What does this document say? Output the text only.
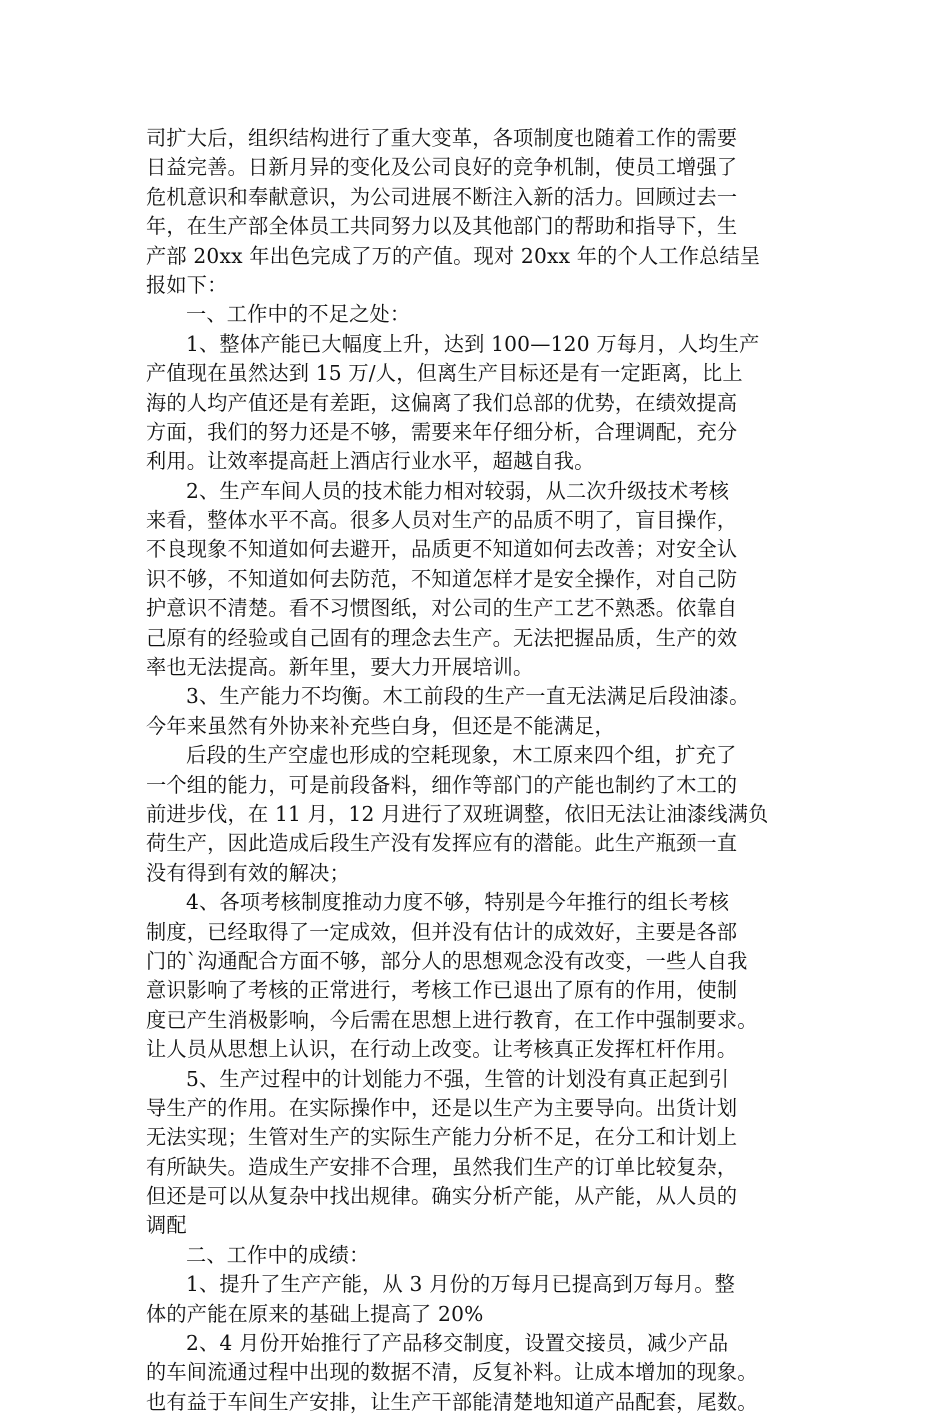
司扩大后，组织结构进行了重大变革，各项制度也随着工作的需要
日益完善。日新月异的变化及公司良好的竞争机制，使员工增强了
危机意识和奉献意识，为公司进展不断注入新的活力。回顾过去一
年，在生产部全体员工共同努力以及其他部门的帮助和指导下，生
产部 20xx 年出色完成了万的产值。现对 20xx 年的个人工作总结呈
报如下：
一、工作中的不足之处：
1、整体产能已大幅度上升，达到 100—120 万每月，人均生产
产值现在虽然达到 15 万/人，但离生产目标还是有一定距离，比上
海的人均产值还是有差距，这偏离了我们总部的优势，在绩效提高
方面，我们的努力还是不够，需要来年仔细分析，合理调配，充分
利用。让效率提高赶上酒店行业水平，超越自我。
2、生产车间人员的技术能力相对较弱，从二次升级技术考核
来看，整体水平不高。很多人员对生产的品质不明了，盲目操作，
不良现象不知道如何去避开，品质更不知道如何去改善；对安全认
识不够，不知道如何去防范，不知道怎样才是安全操作，对自己防
护意识不清楚。看不习惯图纸，对公司的生产工艺不熟悉。依靠自
己原有的经验或自己固有的理念去生产。无法把握品质，生产的效
率也无法提高。新年里，要大力开展培训。
3、生产能力不均衡。木工前段的生产一直无法满足后段油漆。
今年来虽然有外协来补充些白身，但还是不能满足，
后段的生产空虚也形成的空耗现象，木工原来四个组，扩充了
一个组的能力，可是前段备料，细作等部门的产能也制约了木工的
前进步伐，在 11 月，12 月进行了双班调整，依旧无法让油漆线满负
荷生产，因此造成后段生产没有发挥应有的潜能。此生产瓶颈一直
没有得到有效的解决；
4、各项考核制度推动力度不够，特别是今年推行的组长考核
制度，已经取得了一定成效，但并没有估计的成效好，主要是各部
门的`沟通配合方面不够，部分人的思想观念没有改变，一些人自我
意识影响了考核的正常进行，考核工作已退出了原有的作用，使制
度已产生消极影响，今后需在思想上进行教育，在工作中强制要求。
让人员从思想上认识，在行动上改变。让考核真正发挥杠杆作用。
5、生产过程中的计划能力不强，生管的计划没有真正起到引
导生产的作用。在实际操作中，还是以生产为主要导向。出货计划
无法实现；生管对生产的实际生产能力分析不足，在分工和计划上
有所缺失。造成生产安排不合理，虽然我们生产的订单比较复杂，
但还是可以从复杂中找出规律。确实分析产能，从产能，从人员的
调配
二、工作中的成绩：
1、提升了生产产能，从 3 月份的万每月已提高到万每月。整
体的产能在原来的基础上提高了 20%
2、4 月份开始推行了产品移交制度，设置交接员，减少产品
的车间流通过程中出现的数据不清，反复补料。让成本增加的现象。
也有益于车间生产安排，让生产干部能清楚地知道产品配套，尾数。
